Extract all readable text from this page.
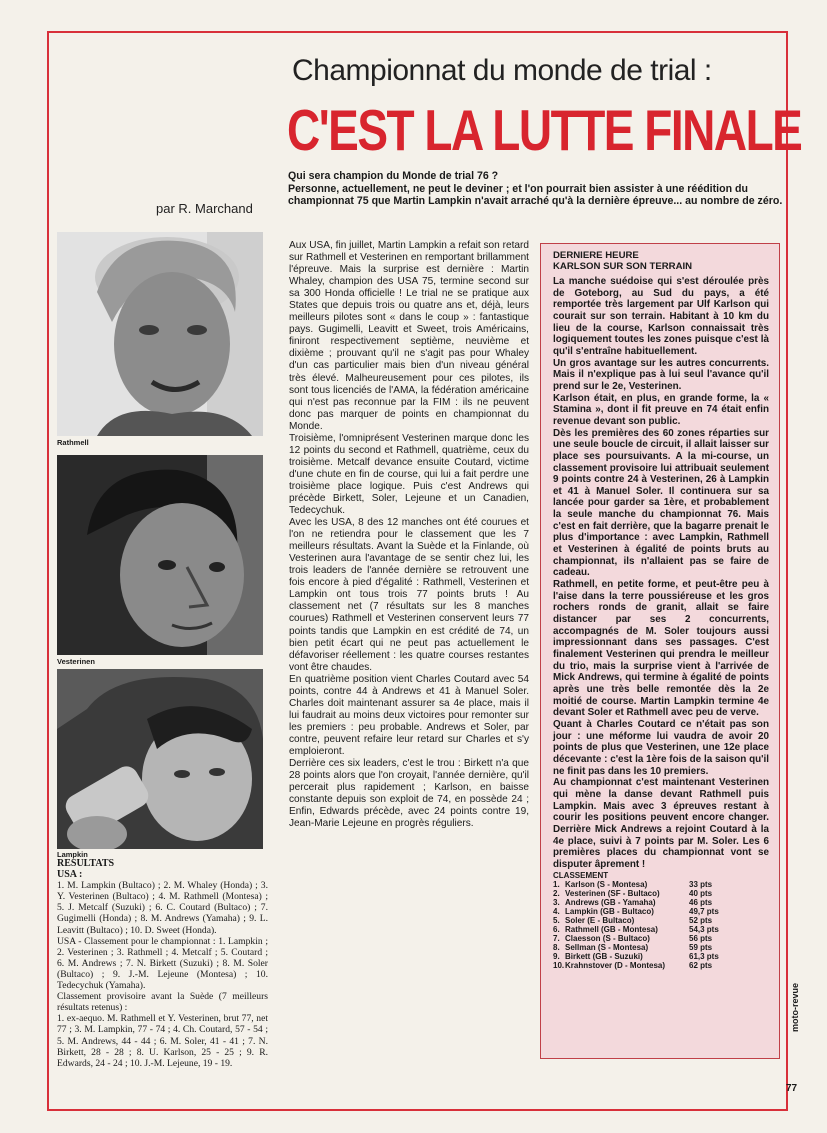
Championnat du monde de trial :
C'EST LA LUTTE FINALE
par R. Marchand

Qui sera champion du Monde de trial 76 ?

Personne, actuellement, ne peut le deviner ; et l'on pourrait bien assister à une réédition du championnat 75 que Martin Lampkin n'avait arraché qu'à la dernière épreuve... au nombre de zéro.

Rathmell
Vesterinen
Lampkin
RESULTATS
USA :

1. M. Lampkin (Bultaco) ; 2. M. Whaley (Honda) ; 3. Y. Vesterinen (Bultaco) ; 4. M. Rathmell (Montesa) ; 5. J. Metcalf (Suzuki) ; 6. C. Coutard (Bultaco) ; 7. Gugimelli (Honda) ; 8. M. Andrews (Yamaha) ; 9. L. Leavitt (Bultaco) ; 10. D. Sweet (Honda).

USA - Classement pour le championnat : 1. Lampkin ; 2. Vesterinen ; 3. Rathmell ; 4. Metcalf ; 5. Coutard ; 6. M. Andrews ; 7. N. Birkett (Suzuki) ; 8. M. Soler (Bultaco) ; 9. J.-M. Lejeune (Montesa) ; 10. Tedecychuk (Yamaha).

Classement provisoire avant la Suède (7 meilleurs résultats retenus) :

1. ex-aequo. M. Rathmell et Y. Vesterinen, brut 77, net 77 ; 3. M. Lampkin, 77 - 74 ; 4. Ch. Coutard, 57 - 54 ; 5. M. Andrews, 44 - 44 ; 6. M. Soler, 41 - 41 ; 7. N. Birkett, 28 - 28 ; 8. U. Karlson, 25 - 25 ; 9. R. Edwards, 24 - 24 ; 10. J.-M. Lejeune, 19 - 19.

Aux USA, fin juillet, Martin Lampkin a refait son retard sur Rathmell et Vesterinen en remportant brillamment l'épreuve. Mais la surprise est dernière : Martin Whaley, champion des USA 75, termine second sur sa 300 Honda officielle ! Le trial ne se pratique aux States que depuis trois ou quatre ans et, déjà, leurs meilleurs pilotes sont « dans le coup » : fantastique pays. Gugimelli, Leavitt et Sweet, trois Américains, finiront respectivement septième, neuvième et dixième ; prouvant qu'il ne s'agit pas pour Whaley d'un cas particulier mais bien d'un niveau général très élevé. Malheureusement pour ces pilotes, ils sont tous licenciés de l'AMA, la fédération américaine qui n'est pas reconnue par la FIM : ils ne peuvent donc pas marquer de points en championnat du Monde.

Troisième, l'omniprésent Vesterinen marque donc les 12 points du second et Rathmell, quatrième, ceux du troisième. Metcalf devance ensuite Coutard, victime d'une chute en fin de course, qui lui a fait perdre une troisième place logique. Puis c'est Andrews qui précède Birkett, Soler, Lejeune et un Canadien, Tedecychuk.

Avec les USA, 8 des 12 manches ont été courues et l'on ne retiendra pour le classement que les 7 meilleurs résultats. Avant la Suède et la Finlande, où Vesterinen aura l'avantage de se sentir chez lui, les trois leaders de l'année dernière se retrouvent une fois encore à pied d'égalité : Rathmell, Vesterinen et Lampkin ont tous trois 77 points bruts ! Au classement net (7 résultats sur les 8 manches courues) Rathmell et Vesterinen conservent leurs 77 points tandis que Lampkin en est crédité de 74, un bien petit écart qui ne peut pas actuellement le défavoriser réellement : les quatre courses restantes vont être chaudes.

En quatrième position vient Charles Coutard avec 54 points, contre 44 à Andrews et 41 à Manuel Soler. Charles doit maintenant assurer sa 4e place, mais il lui faudrait au moins deux victoires pour remonter sur les premiers : peu probable. Andrews et Soler, par contre, peuvent refaire leur retard sur Charles et s'y emploieront.

Derrière ces six leaders, c'est le trou : Birkett n'a que 28 points alors que l'on croyait, l'année dernière, qu'il percerait plus rapidement ; Karlson, en baisse constante depuis son exploit de 74, en possède 24 ; Enfin, Edwards précède, avec 24 points contre 19, Jean-Marie Lejeune en progrès réguliers.

DERNIERE HEURE
KARLSON SUR SON TERRAIN

La manche suédoise qui s'est déroulée près de Goteborg, au Sud du pays, a été remportée très largement par Ulf Karlson qui courait sur son terrain. Habitant à 10 km du lieu de la course, Karlson connaissait très logiquement toutes les zones puisque c'est là qu'il s'entraîne habituellement.

Un gros avantage sur les autres concurrents. Mais il n'explique pas à lui seul l'avance qu'il prend sur le 2e, Vesterinen.

Karlson était, en plus, en grande forme, la « Stamina », dont il fit preuve en 74 était enfin revenue devant son public.

Dès les premières des 60 zones réparties sur une seule boucle de circuit, il allait laisser sur place ses poursuivants. A la mi-course, un classement provisoire lui attribuait seulement 9 points contre 24 à Vesterinen, 26 à Lampkin et 41 à Manuel Soler. Il continuera sur sa lancée pour garder sa 1ère, et probablement la seule manche du championnat 76. Mais c'est en fait derrière, que la bagarre prenait le plus d'importance : avec Lampkin, Rathmell et Vesterinen à égalité de points bruts au championnat, ils n'allaient pas se faire de cadeau.

Rathmell, en petite forme, et peut-être peu à l'aise dans la terre poussiéreuse et les gros rochers ronds de granit, allait se faire distancer par ses 2 concurrents, accompagnés de M. Soler toujours aussi impressionnant dans ses passages. C'est finalement Vesterinen qui prendra le meilleur du trio, mais la surprise vient à l'arrivée de Mick Andrews, qui termine à égalité de points après une très belle remontée dès la 2e moitié de course. Martin Lampkin termine 4e devant Soler et Rathmell avec peu de verve.

Quant à Charles Coutard ce n'était pas son jour : une méforme lui vaudra de avoir 20 points de plus que Vesterinen, une 12e place décevante : c'est la 1ère fois de la saison qu'il ne finit pas dans les 10 premiers.

Au championnat c'est maintenant Vesterinen qui mène la danse devant Rathmell puis Lampkin. Mais avec 3 épreuves restant à courir les positions peuvent encore changer. Derrière Mick Andrews a rejoint Coutard à la 4e place, suivi à 7 points par M. Soler. Les 6 premières places du championnat vont se disputer âprement !

CLASSEMENT
1. Karlson (S - Montesa)	33 pts
2. Vesterinen (SF - Bultaco)	40 pts
3. Andrews (GB - Yamaha)	46 pts
4. Lampkin (GB - Bultaco)	49,7 pts
5. Soler (E - Bultaco)	52 pts
6. Rathmell (GB - Montesa)	54,3 pts
7. Claesson (S - Bultaco)	56 pts
8. Sellman (S - Montesa)	59 pts
9. Birkett (GB - Suzuki)	61,3 pts
10. Krahnstover (D - Montesa)	62 pts
moto-revue
77
